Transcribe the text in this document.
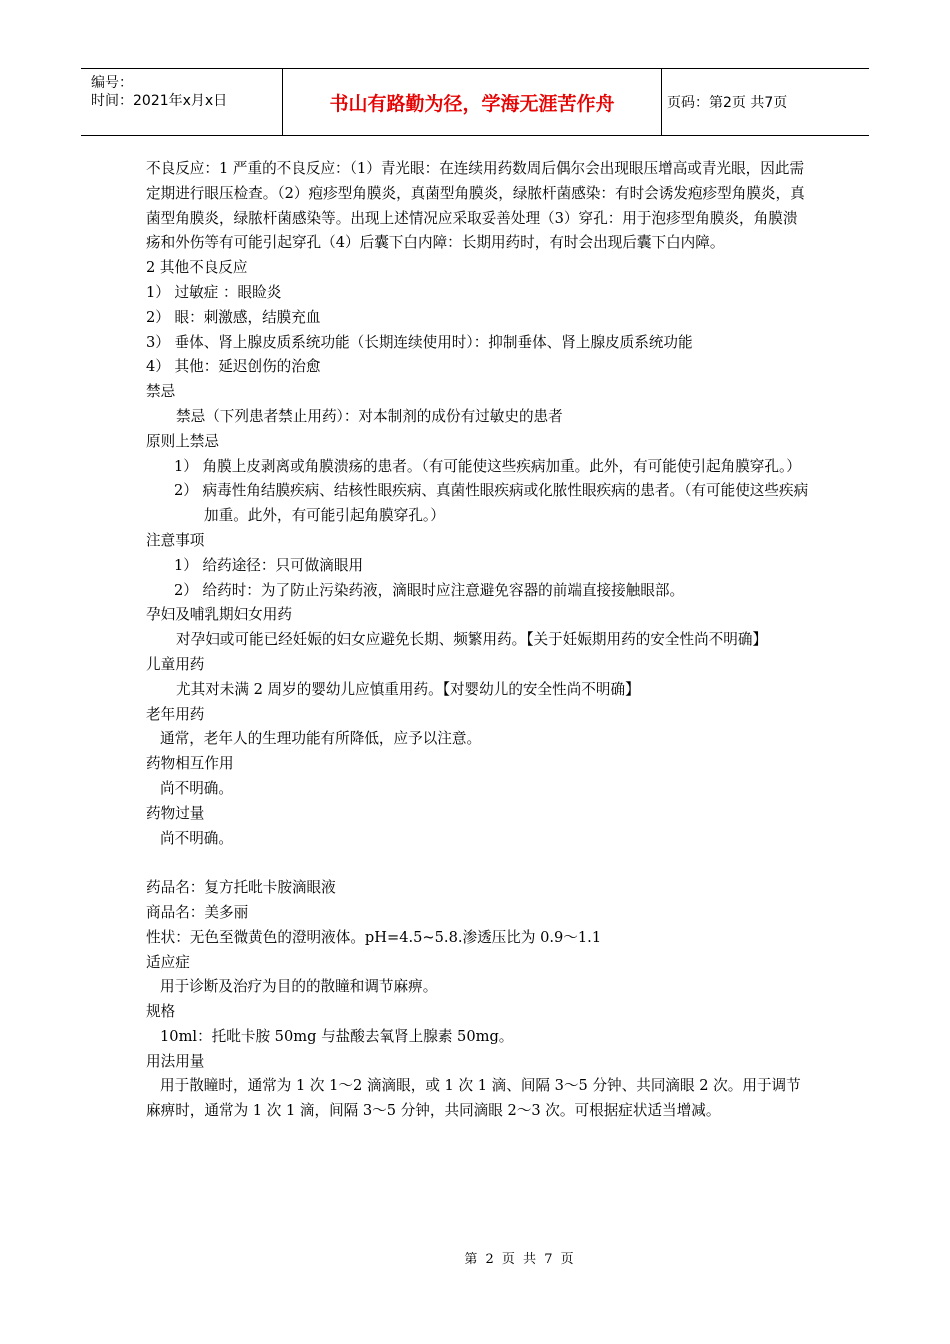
编号：
时间：2021年x月x日	书山有路勤为径，学海无涯苦作舟	页码：第2页 共7页

不良反应：1 严重的不良反应：（1）青光眼：在连续用药数周后偶尔会出现眼压增高或青光眼，因此需定期进行眼压检查。（2）疱疹型角膜炎，真菌型角膜炎，绿脓杆菌感染：有时会诱发疱疹型角膜炎，真菌型角膜炎，绿脓杆菌感染等。出现上述情况应采取妥善处理（3）穿孔：用于泡疹型角膜炎，角膜溃疡和外伤等有可能引起穿孔（4）后囊下白内障：长期用药时，有时会出现后囊下白内障。

2 其他不良反应

1） 过敏症 ：眼睑炎

2） 眼：刺激感，结膜充血

3） 垂体、肾上腺皮质系统功能（长期连续使用时）：抑制垂体、肾上腺皮质系统功能

4） 其他：延迟创伤的治愈

禁忌

禁忌（下列患者禁止用药）：对本制剂的成份有过敏史的患者

原则上禁忌

1） 角膜上皮剥离或角膜溃疡的患者。（有可能使这些疾病加重。此外，有可能使引起角膜穿孔。）

2） 病毒性角结膜疾病、结核性眼疾病、真菌性眼疾病或化脓性眼疾病的患者。（有可能使这些疾病加重。此外，有可能引起角膜穿孔。）

注意事项

1） 给药途径：只可做滴眼用

2） 给药时：为了防止污染药液，滴眼时应注意避免容器的前端直接接触眼部。

孕妇及哺乳期妇女用药

对孕妇或可能已经妊娠的妇女应避免长期、频繁用药。【关于妊娠期用药的安全性尚不明确】

儿童用药

尤其对未满 2 周岁的婴幼儿应慎重用药。【对婴幼儿的安全性尚不明确】

老年用药

通常，老年人的生理功能有所降低，应予以注意。

药物相互作用

尚不明确。

药物过量

尚不明确。

药品名：复方托吡卡胺滴眼液

商品名：美多丽

性状：无色至微黄色的澄明液体。pH=4.5~5.8.渗透压比为 0.9～1.1

适应症

用于诊断及治疗为目的的散瞳和调节麻痹。

规格

10ml：托吡卡胺 50mg 与盐酸去氧肾上腺素 50mg。

用法用量

用于散瞳时，通常为 1 次 1～2 滴滴眼，或 1 次 1 滴、间隔 3～5 分钟、共同滴眼 2 次。用于调节麻痹时，通常为 1 次 1 滴，间隔 3～5 分钟，共同滴眼 2～3 次。可根据症状适当增减。

第 2 页 共 7 页
